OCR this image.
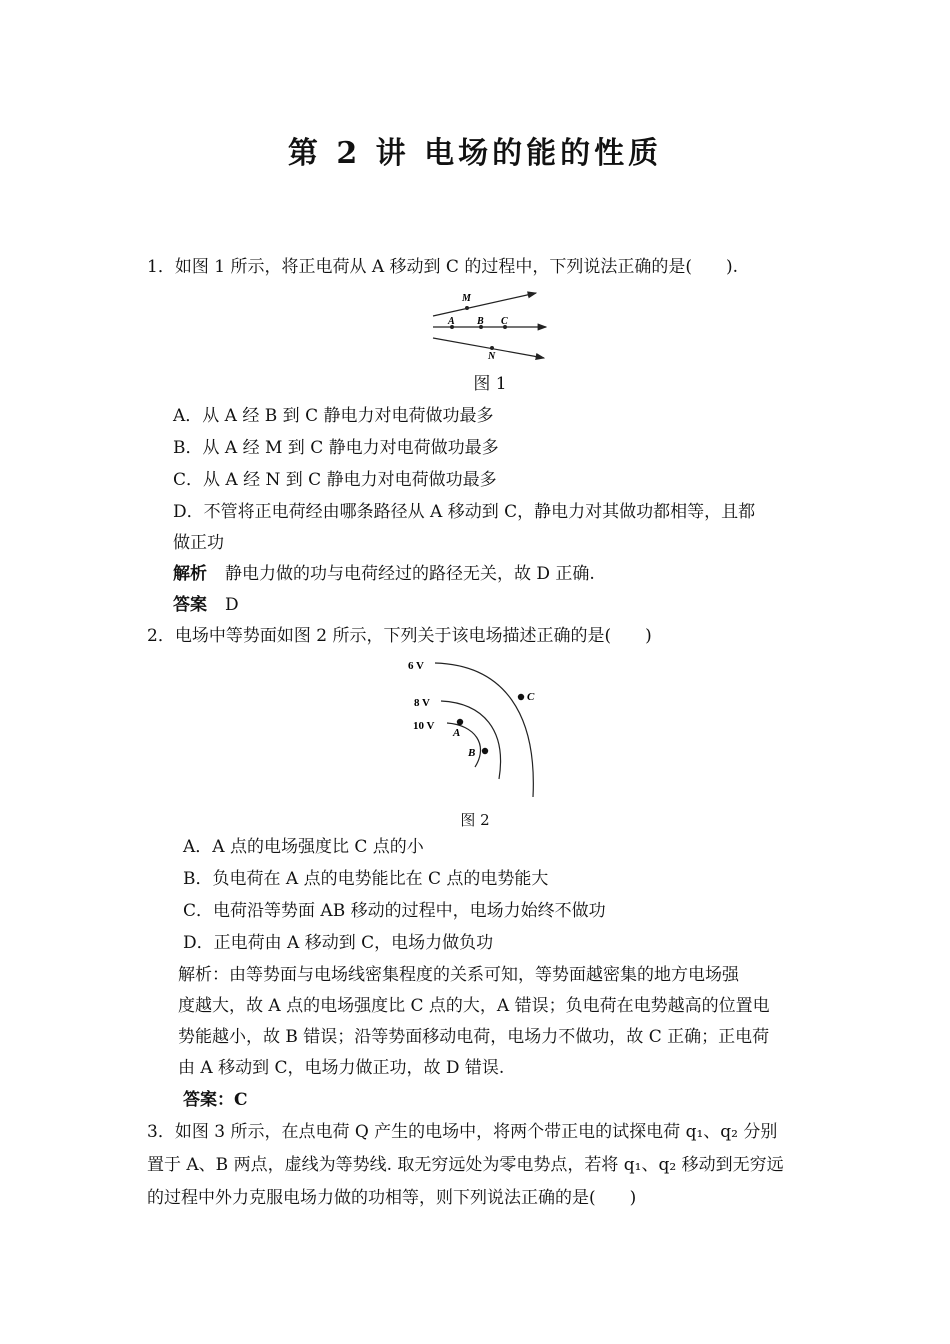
第 2 讲 电场的能的性质
1．如图 1 所示，将正电荷从 A 移动到 C 的过程中，下列说法正确的是(　　).
M
A B C
N
图 1
A．从 A 经 B 到 C 静电力对电荷做功最多
B．从 A 经 M 到 C 静电力对电荷做功最多
C．从 A 经 N 到 C 静电力对电荷做功最多
D．不管将正电荷经由哪条路径从 A 移动到 C，静电力对其做功都相等，且都
做正功
解析 静电力做的功与电荷经过的路径无关，故 D 正确.
答案 D
2．电场中等势面如图 2 所示，下列关于该电场描述正确的是(　　)
6 V
8 V
10 V
A
B
C
图 2
A．A 点的电场强度比 C 点的小
B．负电荷在 A 点的电势能比在 C 点的电势能大
C．电荷沿等势面 AB 移动的过程中，电场力始终不做功
D．正电荷由 A 移动到 C，电场力做负功
解析：由等势面与电场线密集程度的关系可知，等势面越密集的地方电场强
度越大，故 A 点的电场强度比 C 点的大，A 错误；负电荷在电势越高的位置电
势能越小，故 B 错误；沿等势面移动电荷，电场力不做功，故 C 正确；正电荷
由 A 移动到 C，电场力做正功，故 D 错误.
答案：C
3．如图 3 所示，在点电荷 Q 产生的电场中，将两个带正电的试探电荷 q₁、q₂ 分别
置于 A、B 两点，虚线为等势线. 取无穷远处为零电势点，若将 q₁、q₂ 移动到无穷远
的过程中外力克服电场力做的功相等，则下列说法正确的是(　　)
